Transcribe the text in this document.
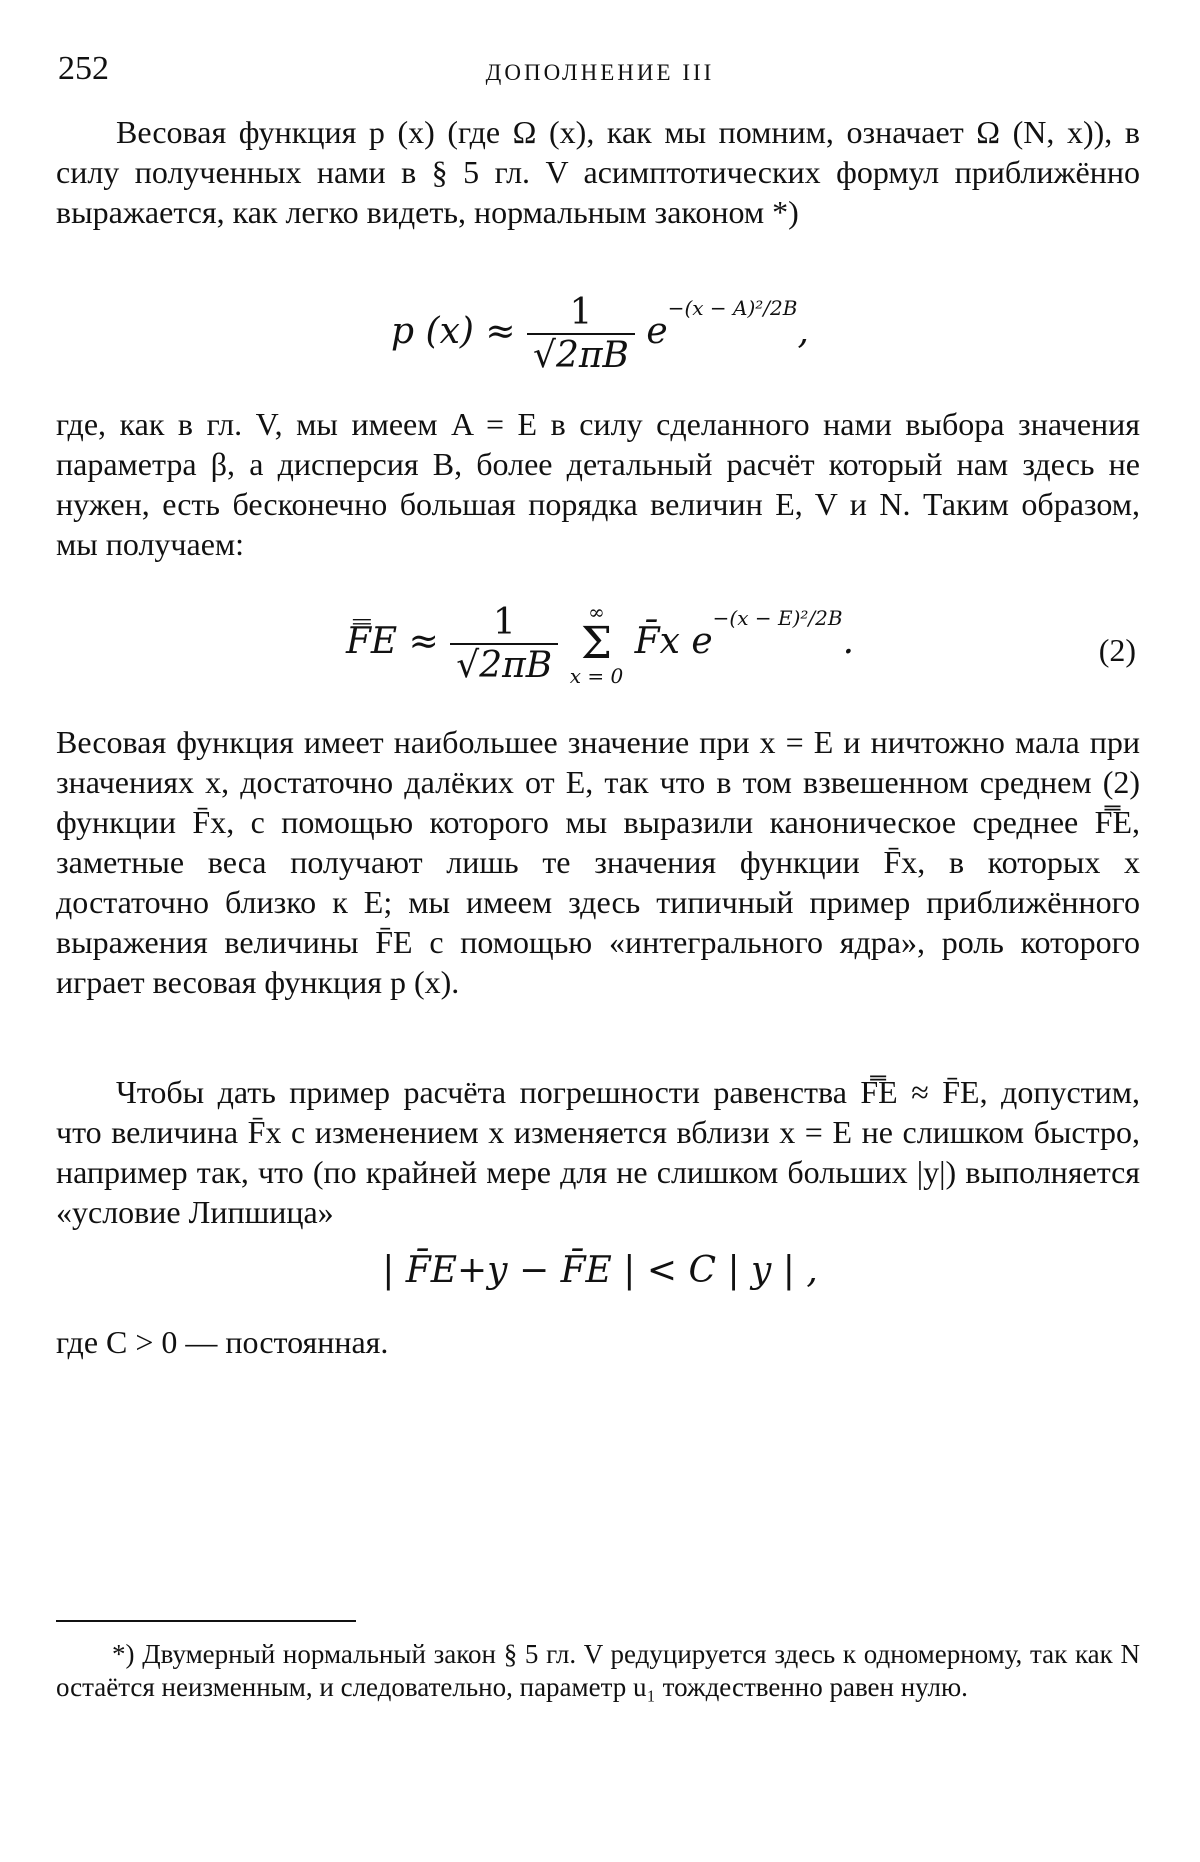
252	ДОПОЛНЕНИЕ III

Весовая функция p (x) (где Ω (x), как мы помним, означает Ω (N, x)), в силу полученных нами в § 5 гл. V асимптотических формул приближённо выражается, как легко видеть, нормальным законом *)

p $(x) \approx \frac{1}{√2\pi B} e^{-(x - A)^2/2B}$,

где, как в гл. V, мы имеем A = E в силу сделанного нами выбора значения параметра β, а дисперсия B, более детальный расчёт который нам здесь не нужен, есть бесконечно большая порядка величин E, V и N. Таким образом, мы получаем:

F̿E ≈ $\frac{1}{√2\pi B}$
	∞
Σ
x = 0
F̄x $e^{-(x - E)^2/2B}$.	(2)

Весовая функция имеет наибольшее значение при x = E и ничтожно мала при значениях x, достаточно далёких от E, так что в том взвешенном среднем (2) функции F̄x, с помощью которого мы выразили каноническое среднее F̿E, заметные веса получают лишь те значения функции F̄x, в которых x достаточно близко к E; мы имеем здесь типичный пример приближённого выражения величины F̄E с помощью «интегрального ядра», роль которого играет весовая функция p (x).

Чтобы дать пример расчёта погрешности равенства F̿E ≈ F̄E, допустим, что величина F̄x с изменением x изменяется вблизи x = E не слишком быстро, например так, что (по крайней мере для не слишком больших |y|) выполняется «условие Липшица»

| F̄E+y − F̄E | < C | y | ,

где C > 0 — постоянная.

*) Двумерный нормальный закон § 5 гл. V редуцируется здесь к одномерному, так как N остаётся неизменным, и следовательно, параметр u₁ тождественно равен нулю.
